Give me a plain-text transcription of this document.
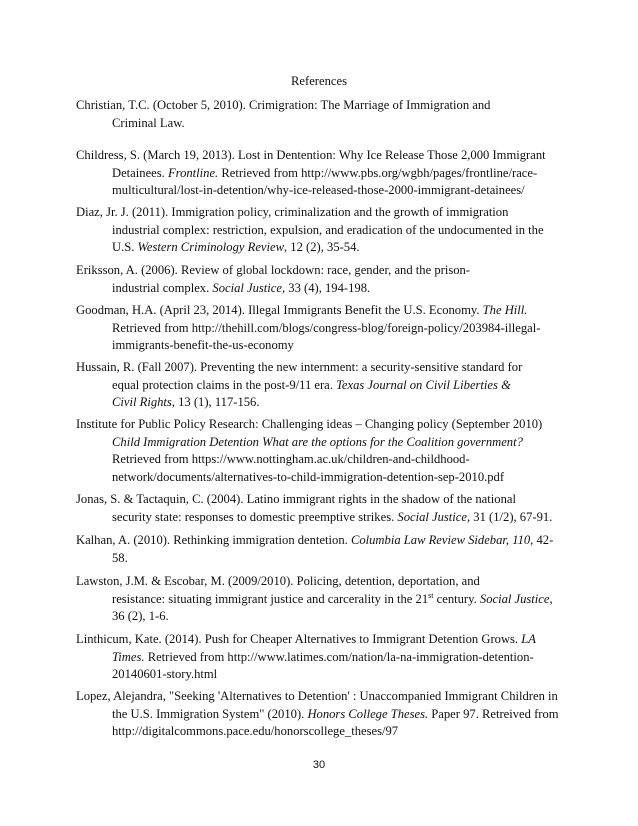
References
Christian, T.C. (October 5, 2010). Crimigration: The Marriage of Immigration and
Criminal Law.
Childress, S. (March 19, 2013). Lost in Dentention: Why Ice Release Those 2,000 Immigrant
Detainees. Frontline. Retrieved from http://www.pbs.org/wgbh/pages/frontline/race-
multicultural/lost-in-detention/why-ice-released-those-2000-immigrant-detainees/
Diaz, Jr. J. (2011). Immigration policy, criminalization and the growth of immigration
industrial complex: restriction, expulsion, and eradication of the undocumented in the
U.S. Western Criminology Review, 12 (2), 35-54.
Eriksson, A. (2006). Review of global lockdown: race, gender, and the prison-
industrial complex. Social Justice, 33 (4), 194-198.
Goodman, H.A. (April 23, 2014). Illegal Immigrants Benefit the U.S. Economy. The Hill.
Retrieved from http://thehill.com/blogs/congress-blog/foreign-policy/203984-illegal-
immigrants-benefit-the-us-economy
Hussain, R. (Fall 2007). Preventing the new internment: a security-sensitive standard for
equal protection claims in the post-9/11 era. Texas Journal on Civil Liberties &
Civil Rights, 13 (1), 117-156.
Institute for Public Policy Research: Challenging ideas – Changing policy (September 2010)
Child Immigration Detention What are the options for the Coalition government?
Retrieved from https://www.nottingham.ac.uk/children-and-childhood-
network/documents/alternatives-to-child-immigration-detention-sep-2010.pdf
Jonas, S. & Tactaquin, C. (2004). Latino immigrant rights in the shadow of the national
security state: responses to domestic preemptive strikes. Social Justice, 31 (1/2), 67-91.
Kalhan, A. (2010). Rethinking immigration dentetion. Columbia Law Review Sidebar, 110, 42-
58.
Lawston, J.M. & Escobar, M. (2009/2010). Policing, detention, deportation, and
resistance: situating immigrant justice and carcerality in the 21st century. Social Justice,
36 (2), 1-6.
Linthicum, Kate. (2014). Push for Cheaper Alternatives to Immigrant Detention Grows. LA
Times. Retrieved from http://www.latimes.com/nation/la-na-immigration-detention-
20140601-story.html
Lopez, Alejandra, "Seeking 'Alternatives to Detention' : Unaccompanied Immigrant Children in
the U.S. Immigration System" (2010). Honors College Theses. Paper 97. Retreived from
http://digitalcommons.pace.edu/honorscollege_theses/97
30
